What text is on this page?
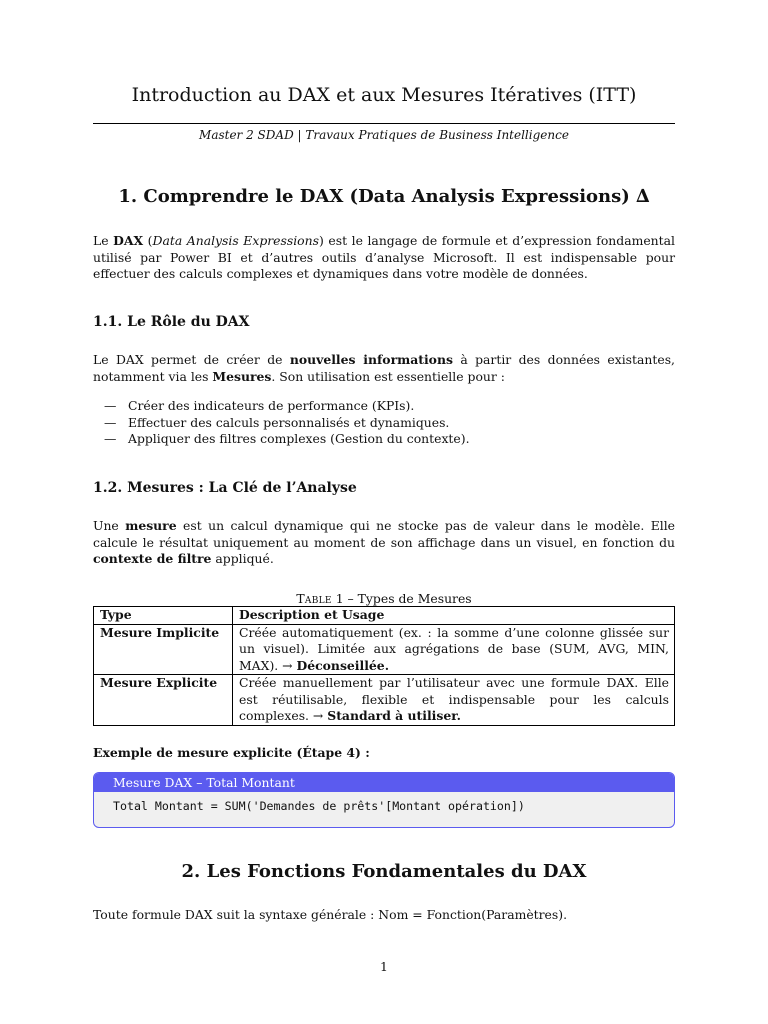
Introduction au DAX et aux Mesures Itératives (ITT)
Master 2 SDAD | Travaux Pratiques de Business Intelligence
1. Comprendre le DAX (Data Analysis Expressions) ∆
Le DAX (Data Analysis Expressions) est le langage de formule et d’expression fondamental utilisé par Power BI et d’autres outils d’analyse Microsoft. Il est indispensable pour effectuer des calculs complexes et dynamiques dans votre modèle de données.
1.1. Le Rôle du DAX
Le DAX permet de créer de nouvelles informations à partir des données existantes, notamment via les Mesures. Son utilisation est essentielle pour :
— Créer des indicateurs de performance (KPIs).
— Effectuer des calculs personnalisés et dynamiques.
— Appliquer des filtres complexes (Gestion du contexte).
1.2. Mesures : La Clé de l’Analyse
Une mesure est un calcul dynamique qui ne stocke pas de valeur dans le modèle. Elle calcule le résultat uniquement au moment de son affichage dans un visuel, en fonction du contexte de filtre appliqué.
Table 1 – Types de Mesures
Type	Description et Usage
Mesure Implicite	Créée automatiquement (ex. : la somme d’une colonne glissée sur un visuel). Limitée aux agrégations de base (SUM, AVG, MIN, MAX). → Déconseillée.
Mesure Explicite	Créée manuellement par l’utilisateur avec une formule DAX. Elle est réutilisable, flexible et indispensable pour les calculs complexes. → Standard à utiliser.
Exemple de mesure explicite (Étape 4) :
Mesure DAX – Total Montant
Total Montant = SUM('Demandes de prêts'[Montant opération])
2. Les Fonctions Fondamentales du DAX
Toute formule DAX suit la syntaxe générale : Nom = Fonction(Paramètres).
1
